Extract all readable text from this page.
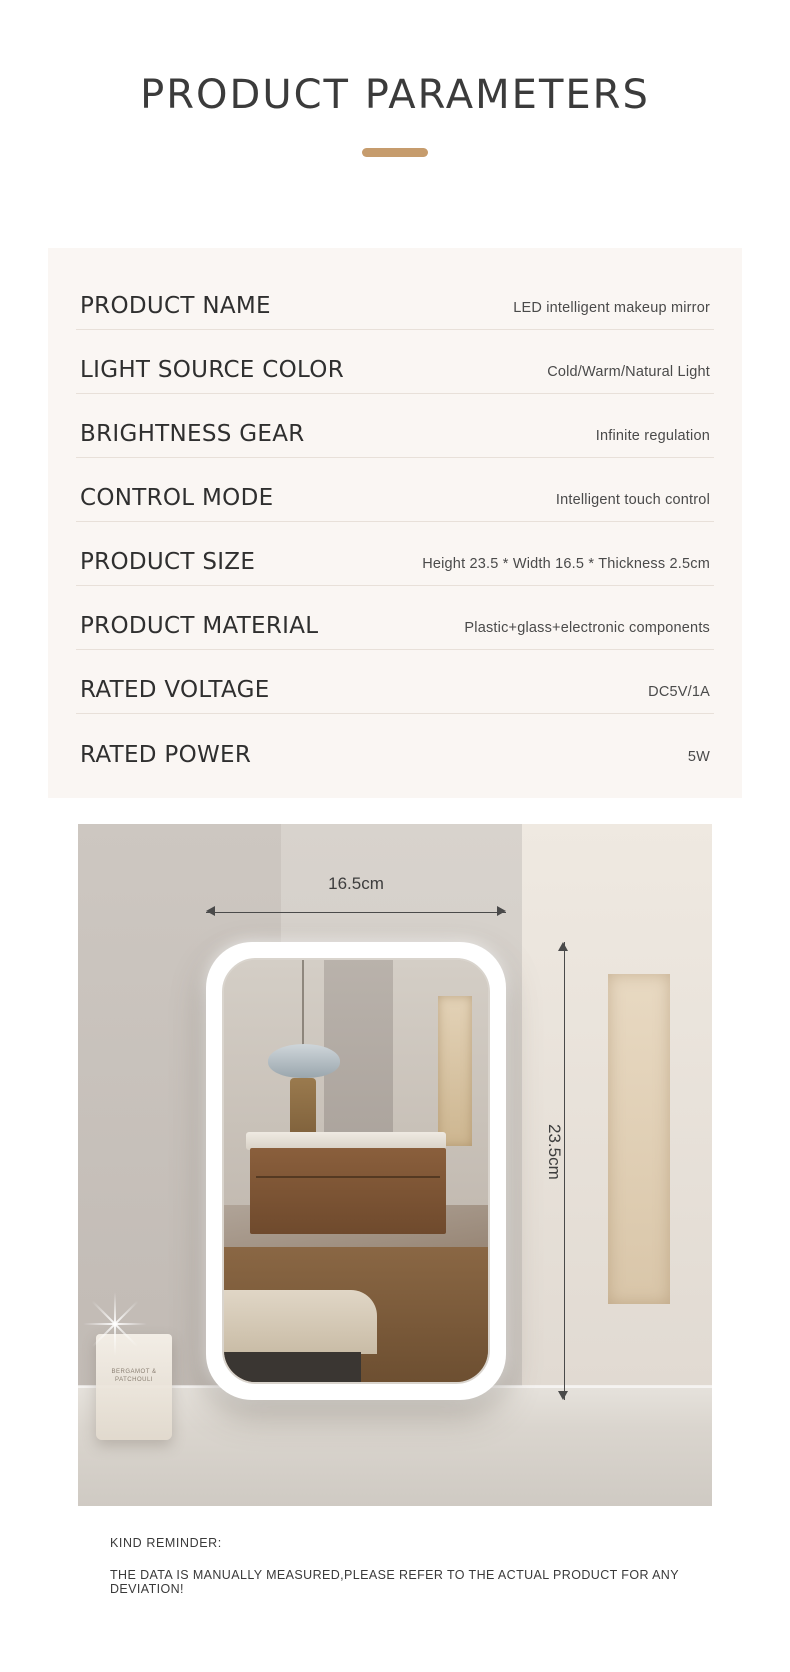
PRODUCT PARAMETERS
PRODUCT NAME	LED intelligent makeup mirror
LIGHT SOURCE COLOR	Cold/Warm/Natural Light
BRIGHTNESS GEAR	Infinite regulation
CONTROL MODE	Intelligent touch control
PRODUCT SIZE	Height 23.5 * Width 16.5 * Thickness 2.5cm
PRODUCT MATERIAL	Plastic+glass+electronic components
RATED VOLTAGE	DC5V/1A
RATED POWER	5W
BERGAMOT & PATCHOULI
16.5cm
23.5cm
KIND REMINDER:
THE DATA IS MANUALLY MEASURED,PLEASE REFER TO THE ACTUAL PRODUCT FOR ANY DEVIATION!
